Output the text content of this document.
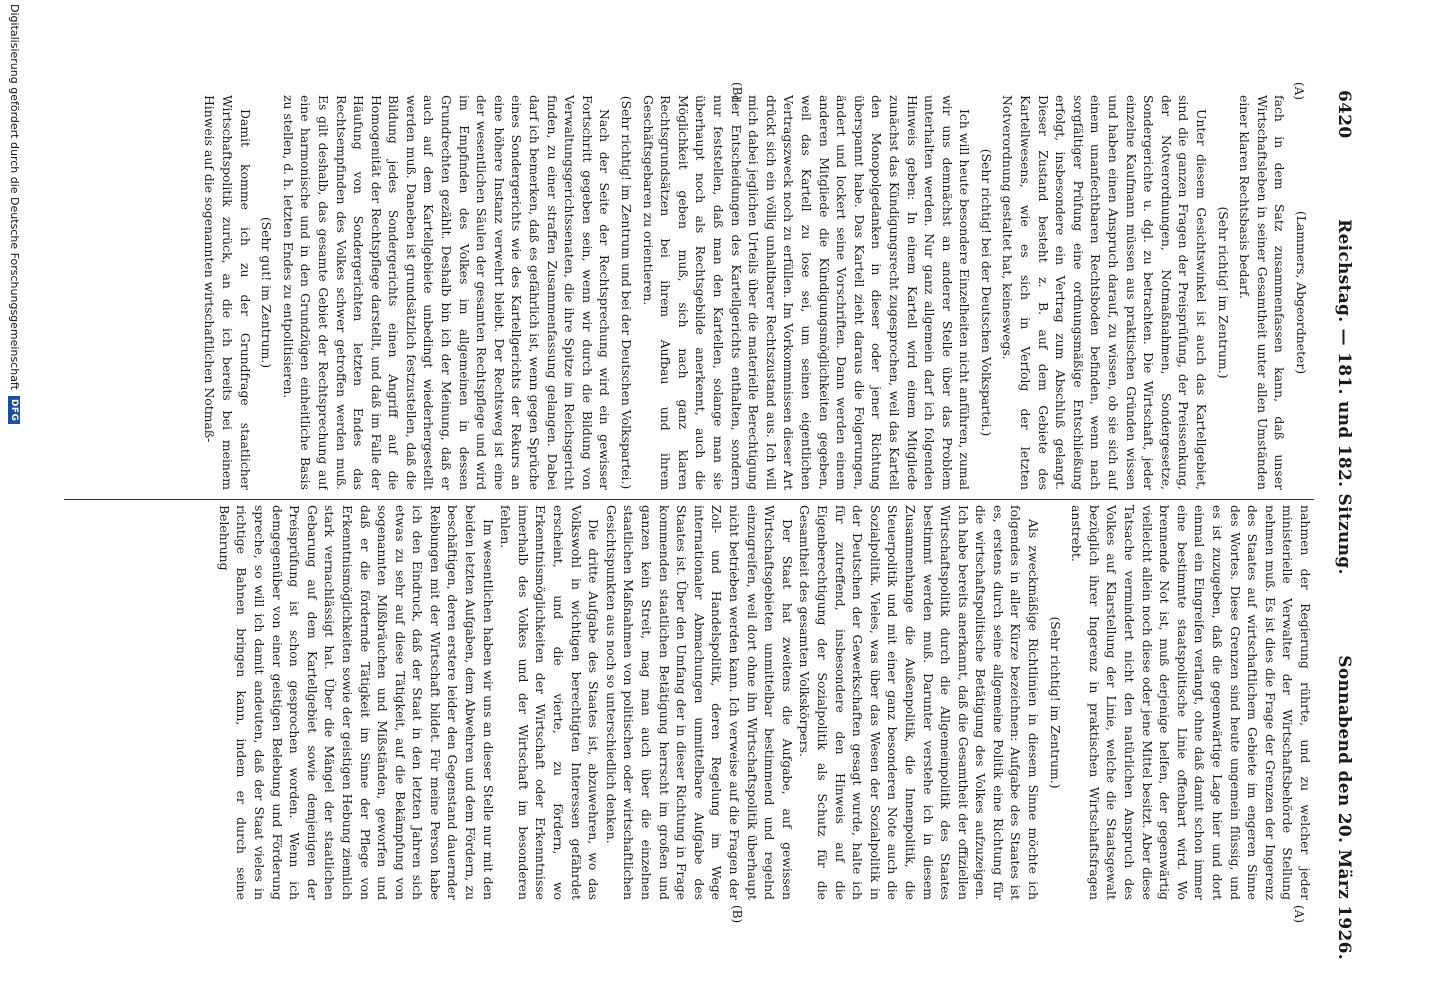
6420
Reichstag. — 181. und 182. Sitzung.
Sonnabend den 20. März 1926.
(A)
(B)
(A)
(B)

(Lammers, Abgeordneter)

fach in dem Satz zusammenfassen kann, daß unser Wirtschaftsleben in seiner Gesamtheit unter allen Umständen einer klaren Rechtsbasis bedarf.

(Sehr richtig! im Zentrum.)

Unter diesem Gesichtswinkel ist auch das Kartellgebiet, sind die ganzen Fragen der Preisprüfung, der Preissenkung, der Notverordnungen, Notmaßnahmen, Sondergesetze, Sondergerichte u. dgl. zu betrachten. Die Wirtschaft, jeder einzelne Kaufmann müssen aus praktischen Gründen wissen und haben einen Anspruch darauf, zu wissen, ob sie sich auf einem unanfechtbaren Rechtsboden befinden, wenn nach sorgfältiger Prüfung eine ordnungsmäßige Entschließung erfolgt, insbesondere ein Vertrag zum Abschluß gelangt. Dieser Zustand besteht z. B. auf dem Gebiete des Kartellwesens, wie es sich in Verfolg der letzten Notverordnung gestaltet hat, keineswegs.

(Sehr richtig! bei der Deutschen Volkspartei.)

Ich will heute besondere Einzelheiten nicht anführen, zumal wir uns demnächst an anderer Stelle über das Problem unterhalten werden. Nur ganz allgemein darf ich folgenden Hinweis geben: In einem Kartell wird einem Mitgliede zunächst das Kündigungsrecht zugesprochen, weil das Kartell den Monopolgedanken in dieser oder jener Richtung überspannt habe. Das Kartell zieht daraus die Folgerungen, ändert und lockert seine Vorschriften. Dann werden einem anderen Mitgliede die Kündigungsmöglichkeiten gegeben, weil das Kartell zu lose sei, um seinen eigentlichen Vertragszweck noch zu erfüllen. Im Vorkommnissen dieser Art drückt sich ein völlig unhaltbarer Rechtszustand aus. Ich will mich dabei jeglichen Urteils über die materielle Berechtigung der Entscheidungen des Kartellgerichts enthalten, sondern nur feststellen, daß man den Kartellen, solange man sie überhaupt noch als Rechtsgebilde anerkennt, auch die Möglichkeit geben muß, sich nach ganz klaren Rechtsgrundsätzen bei ihrem Aufbau und ihrem Geschäftsgebaren zu orientieren.

(Sehr richtig! im Zentrum und bei der Deutschen Volkspartei.)

Nach der Seite der Rechtsprechung wird ein gewisser Fortschritt gegeben sein, wenn wir durch die Bildung von Verwaltungsgerichtssenaten, die ihre Spitze im Reichsgericht finden, zu einer straffen Zusammenfassung gelangen. Dabei darf ich bemerken, daß es gefährlich ist, wenn gegen Sprüche eines Sondergerichts wie des Kartellgerichts der Rekurs an eine höhere Instanz verwehrt bleibt. Der Rechtsweg ist eine der wesentlichen Säulen der gesamten Rechtspflege und wird im Empfinden des Volkes im allgemeinen in dessen Grundrechten gezählt. Deshalb bin ich der Meinung, daß er auch auf dem Kartellgebiete unbedingt wiederhergestellt werden muß. Daneben ist grundsätzlich festzustellen, daß die Bildung jedes Sondergerichts einen Angriff auf die Homogenität der Rechtspflege darstellt, und daß im Falle der Häufung von Sondergerichten letzten Endes das Rechtsempfinden des Volkes schwer getroffen werden muß. Es gilt deshalb, das gesamte Gebiet der Rechtsprechung auf eine harmonische und in den Grundzügen einheitliche Basis zu stellen, d. h. letzten Endes zu entpolitisieren.

(Sehr gut! im Zentrum.)

Damit komme ich zu der Grundfrage staatlicher Wirtschaftspolitik zurück, an die ich bereits bei meinem Hinweis auf die sogenannten wirtschaftlichen Notmaß-

nahmen der Regierung rührte, und zu welcher jeder ministerielle Verwalter der Wirtschaftsbehörde Stellung nehmen muß. Es ist dies die Frage der Grenzen der Ingerenz des Staates auf wirtschaftlichem Gebiete im engeren Sinne des Wortes. Diese Grenzen sind heute ungemein flüssig, und es ist zuzugeben, daß die gegenwärtige Lage hier und dort einmal ein Eingreifen verlangt, ohne daß damit schon immer eine bestimmte staatspolitische Linie offenbart wird. Wo brennende Not ist, muß derjenige helfen, der gegenwärtig vielleicht allein noch diese oder jene Mittel besitzt. Aber diese Tatsache vermindert nicht den natürlichen Anspruch des Volkes auf Klarstellung der Linie, welche die Staatsgewalt bezüglich ihrer Ingerenz in praktischen Wirtschaftsfragen anstrebt.

(Sehr richtig! im Zentrum.)

Als zweckmäßige Richtlinien in diesem Sinne möchte ich folgendes in aller Kürze bezeichnen: Aufgabe des Staates ist es, erstens durch seine allgemeine Politik eine Richtung für die wirtschaftspolitische Betätigung des Volkes aufzuzeigen. Ich habe bereits anerkannt, daß die Gesamtheit der offiziellen Wirtschaftspolitik durch die Allgemeinpolitik des Staates bestimmt werden muß. Darunter verstehe ich in diesem Zusammenhange die Außenpolitik, die Innenpolitik, die Steuerpolitik und mit einer ganz besonderen Note auch die Sozialpolitik. Vieles, was über das Wesen der Sozialpolitik in der Deutschen der Gewerkschaften gesagt wurde, halte ich für zutreffend, insbesondere den Hinweis auf die Eigenberechtigung der Sozialpolitik als Schutz für die Gesamtheit des gesamten Volkskörpers.

Der Staat hat zweitens die Aufgabe, auf gewissen Wirtschaftsgebieten unmittelbar bestimmend und regelnd einzugreifen, weil dort ohne ihn Wirtschaftspolitik überhaupt nicht betrieben werden kann. Ich verweise auf die Fragen der Zoll- und Handelspolitik, deren Regelung im Wege internationaler Abmachungen unmittelbare Aufgabe des Staates ist. Über den Umfang der in dieser Richtung in Frage kommenden staatlichen Betätigung herrscht im großen und ganzen kein Streit, mag man auch über die einzelnen staatlichen Maßnahmen von politischen oder wirtschaftlichen Gesichtspunkten aus noch so unterschiedlich denken.

Die dritte Aufgabe des Staates ist, abzuwehren, wo das Volkswohl in wichtigen berechtigten Interessen gefährdet erscheint, und die vierte, zu fördern, wo Erkenntnismöglichkeiten der Wirtschaft oder Erkenntnisse innerhalb des Volkes und der Wirtschaft im besonderen fehlen.

Im wesentlichen haben wir uns an dieser Stelle nur mit den beiden letzten Aufgaben, dem Abwehren und dem Fördern, zu beschäftigen, deren erstere leider den Gegenstand dauernder Reibungen mit der Wirtschaft bildet. Für meine Person habe ich den Eindruck, daß der Staat in den letzten Jahren sich etwas zu sehr auf diese Tätigkeit, auf die Bekämpfung von sogenannten Mißbräuchen und Mißständen, geworfen und daß er die fördernde Tätigkeit im Sinne der Pflege von Erkenntnismöglichkeiten sowie der geistigen Hebung ziemlich stark vernachlässigt hat. Über die Mängel der staatlichen Gebarung auf dem Kartellgebiet sowie demjenigen der Preisprüfung ist schon gesprochen worden. Wenn ich demgegenüber von einer geistigen Belebung und Förderung spreche, so will ich damit andeuten, daß der Staat vieles in richtige Bahnen bringen kann, indem er durch seine Belehrung

Digitalisierung gefördert durch die Deutsche Forschungsgemeinschaft
DFG
